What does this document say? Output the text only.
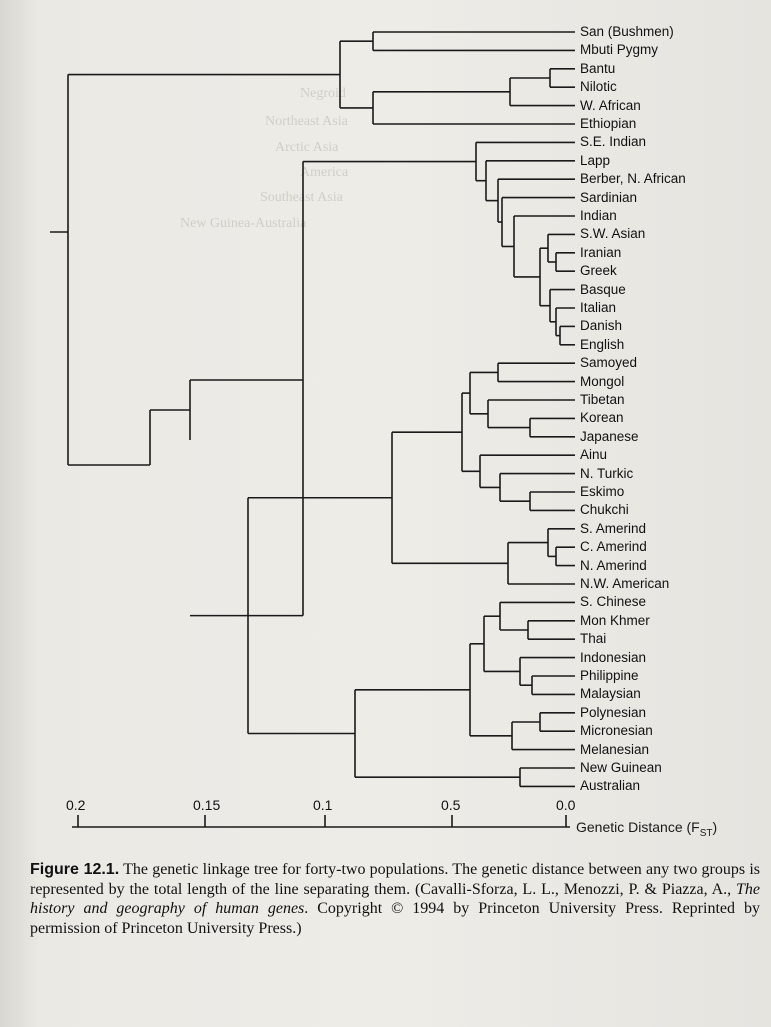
Negroid
Northeast Asia
Arctic Asia
America
Southeast Asia
New Guinea-Australia
San (Bushmen)
Mbuti Pygmy
Bantu
Nilotic
W. African
Ethiopian
S.E. Indian
Lapp
Berber, N. African
Sardinian
Indian
S.W. Asian
Iranian
Greek
Basque
Italian
Danish
English
Samoyed
Mongol
Tibetan
Korean
Japanese
Ainu
N. Turkic
Eskimo
Chukchi
S. Amerind
C. Amerind
N. Amerind
N.W. American
S. Chinese
Mon Khmer
Thai
Indonesian
Philippine
Malaysian
Polynesian
Micronesian
Melanesian
New Guinean
Australian
0.2	0.15	0.1	0.5	0.0
Genetic Distance $(F_{ST})$
Figure 12.1. The genetic linkage tree for forty-two populations. The genetic distance between any two groups is represented by the total length of the line separating them. (Cavalli-Sforza, L. L., Menozzi, P. & Piazza, A., The history and geography of human genes. Copyright © 1994 by Princeton University Press. Reprinted by permission of Princeton University Press.)
